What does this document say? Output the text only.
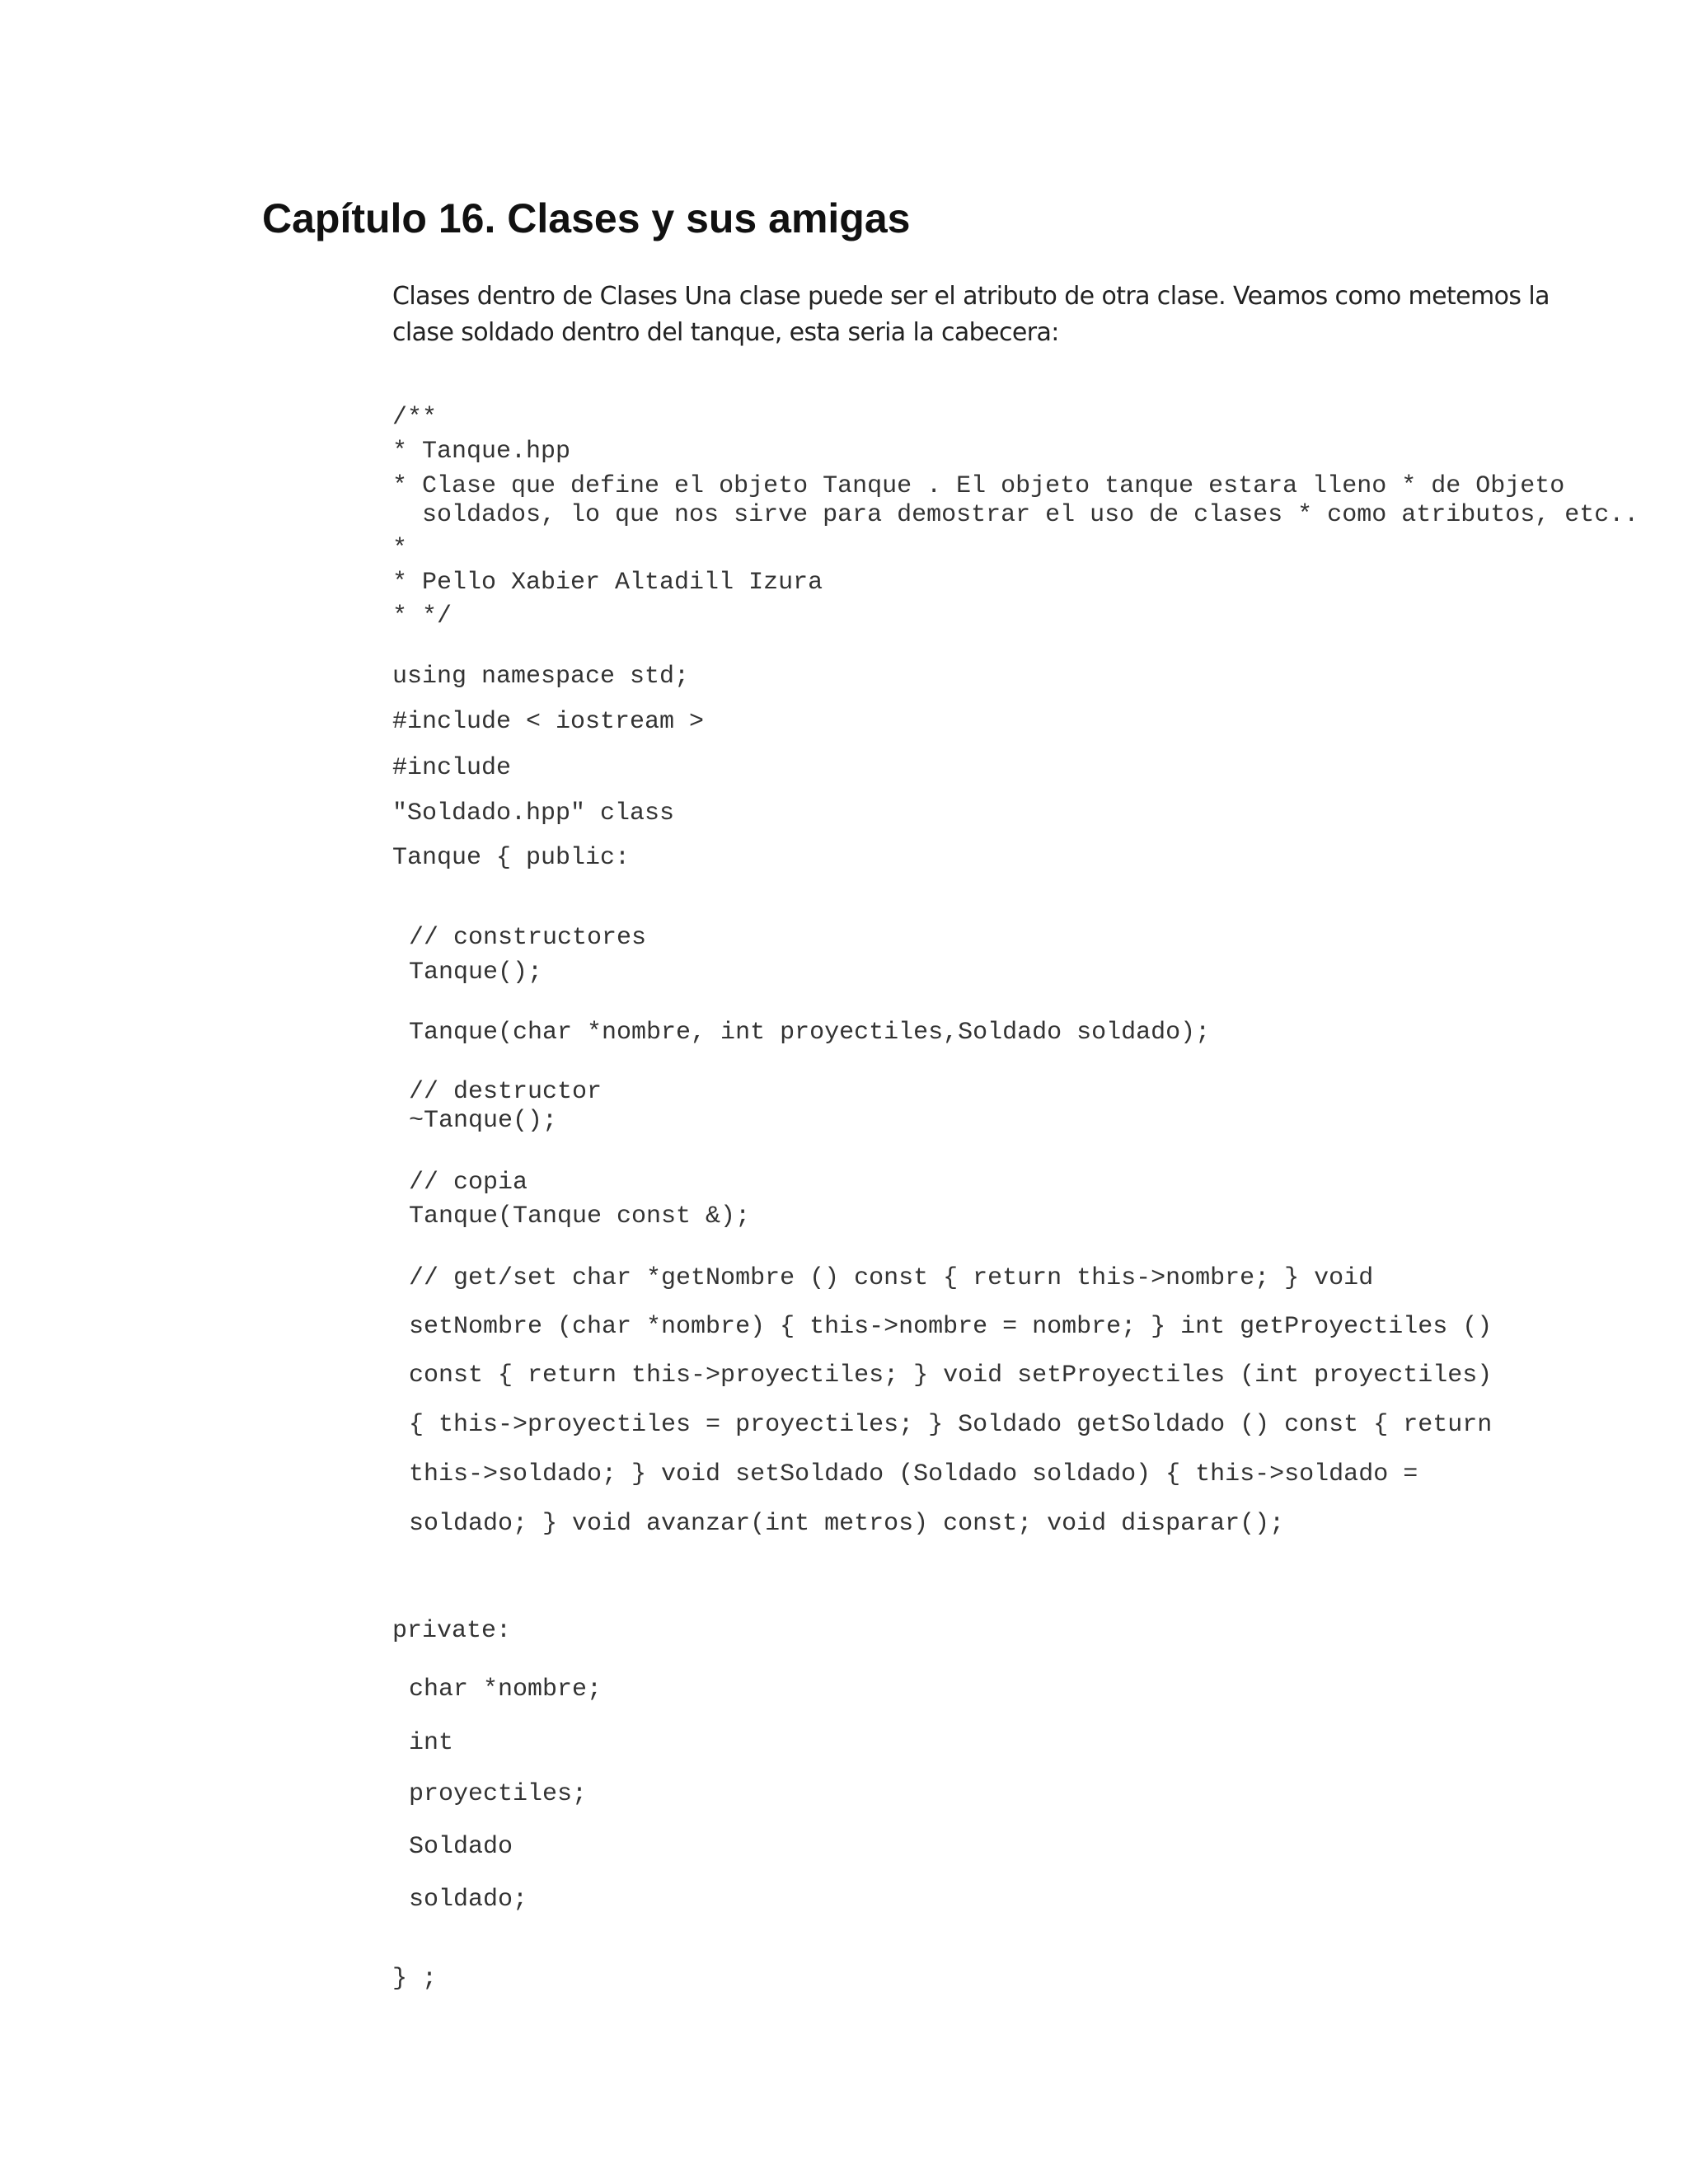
Capítulo 16. Clases y sus amigas

Clases dentro de Clases Una clase puede ser el atributo de otra clase. Veamos como metemos la clase soldado dentro del tanque, esta seria la cabecera:

/**
* Tanque.hpp
* Clase que define el objeto Tanque . El objeto tanque estara lleno * de Objeto
soldados, lo que nos sirve para demostrar el uso de clases * como atributos, etc..
*
* Pello Xabier Altadill Izura
* */
using namespace std;
#include < iostream >
#include
"Soldado.hpp" class
Tanque { public:
// constructores
Tanque();
Tanque(char *nombre, int proyectiles,Soldado soldado);
// destructor
~Tanque();
// copia
Tanque(Tanque const &);
// get/set char *getNombre () const { return this->nombre; } void
setNombre (char *nombre) { this->nombre = nombre; } int getProyectiles ()
const { return this->proyectiles; } void setProyectiles (int proyectiles)
{ this->proyectiles = proyectiles; } Soldado getSoldado () const { return
this->soldado; } void setSoldado (Soldado soldado) { this->soldado =
soldado; } void avanzar(int metros) const; void disparar();
private:
char *nombre;
int
proyectiles;
Soldado
soldado;
} ;
